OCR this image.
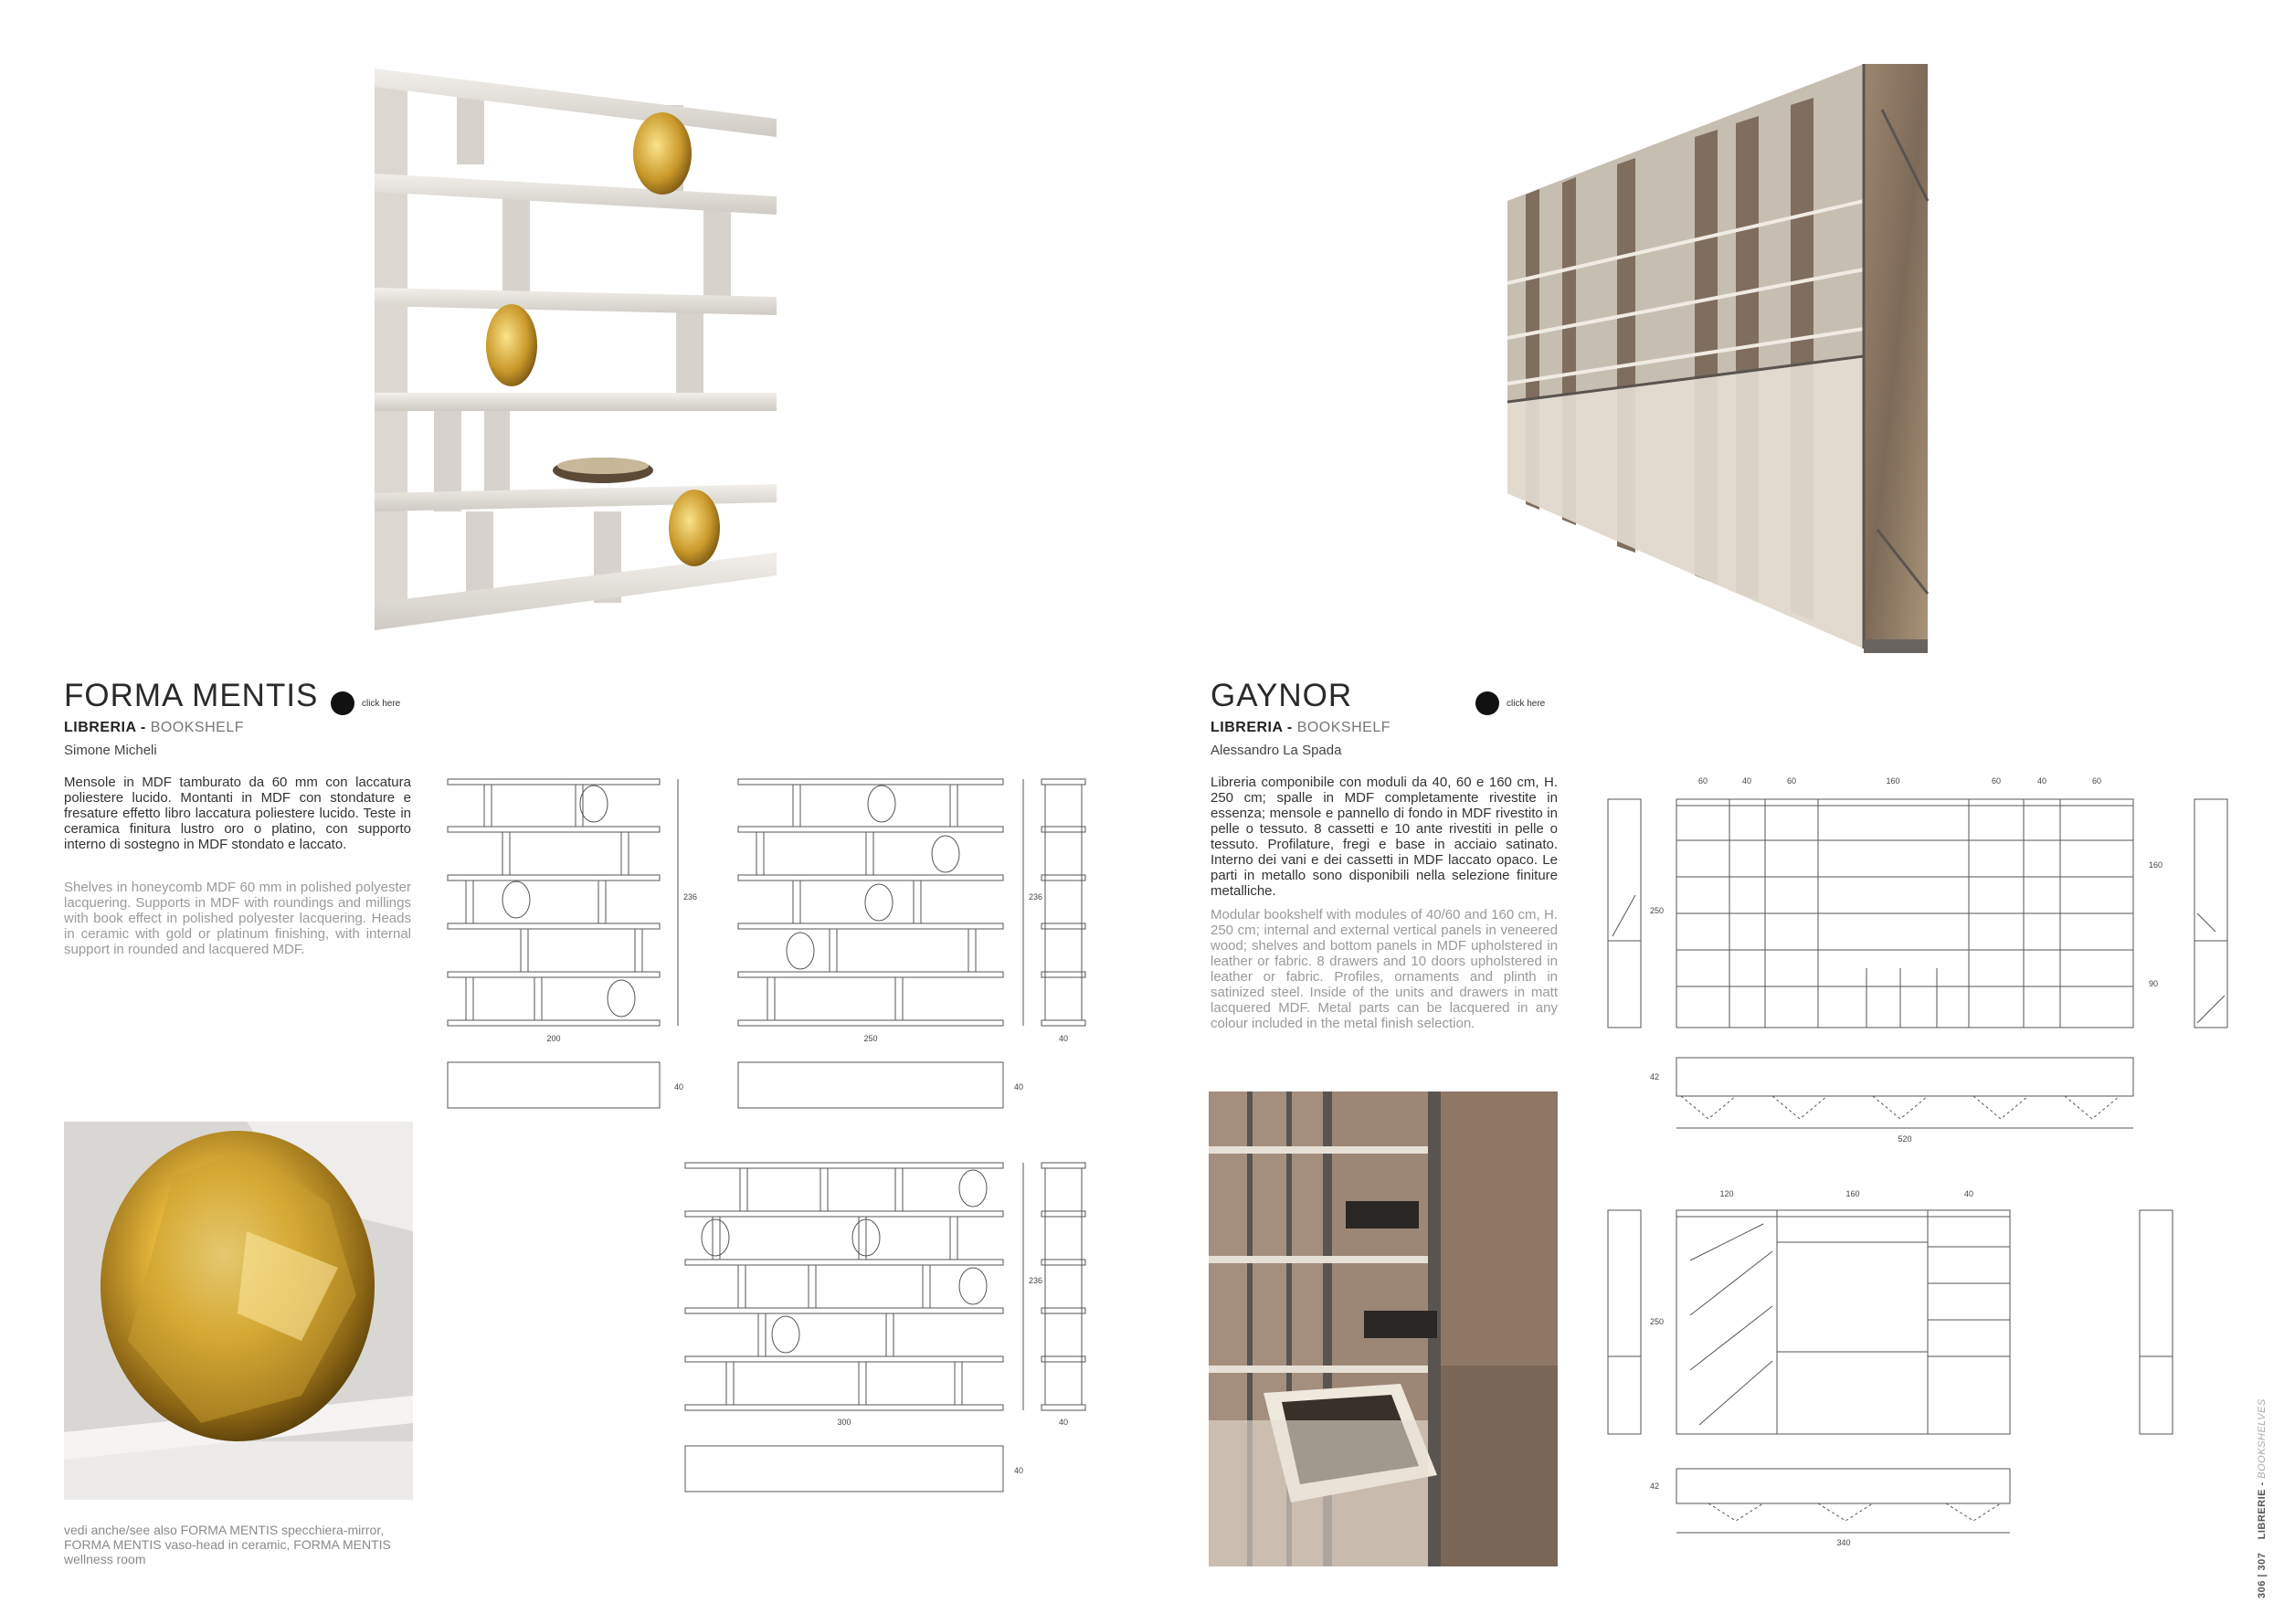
FORMA MENTIS	click here
LIBRERIA - BOOKSHELF
Simone Micheli
Mensole in MDF tamburato da 60 mm con laccatura poliestere lucido. Montanti in MDF con stondature e fresature effetto libro laccatura poliestere lucido. Teste in ceramica finitura lustro oro o platino, con supporto interno di sostegno in MDF stondato e laccato.
Shelves in honeycomb MDF 60 mm in polished polyester lacquering. Supports in MDF with roundings and millings with book effect in polished polyester lacquering. Heads in ceramic with gold or platinum finishing, with internal support in rounded and lacquered MDF.
vedi anche/see also FORMA MENTIS specchiera-mirror, FORMA MENTIS vaso-head in ceramic, FORMA MENTIS wellness room
200	250
300
40
40
236	236
236
40	40
40
GAYNOR	click here
LIBRERIA - BOOKSHELF
Alessandro La Spada
Libreria componibile con moduli da 40, 60 e 160 cm, H. 250 cm; spalle in MDF completamente rivestite in essenza; mensole e pannello di fondo in MDF rivestito in pelle o tessuto. 8 cassetti e 10 ante rivestiti in pelle o tessuto. Profilature, fregi e base in acciaio satinato. Interno dei vani e dei cassetti in MDF laccato opaco. Le parti in metallo sono disponibili nella selezione finiture metalliche.
Modular bookshelf with modules of 40/60 and 160 cm, H. 250 cm; internal and external vertical panels in veneered wood; shelves and bottom panels in MDF upholstered in leather or fabric. 8 drawers and 10 doors upholstered in leather or fabric. Profiles, ornaments and plinth in satinized steel. Inside of the units and drawers in matt lacquered MDF. Metal parts can be lacquered in any colour included in the metal finish selection.
60	40	60	160	60	40	60
250
160
90
42
520
120	160	40
250
42
340
306 | 307    LIBRERIE - BOOKSHELVES
